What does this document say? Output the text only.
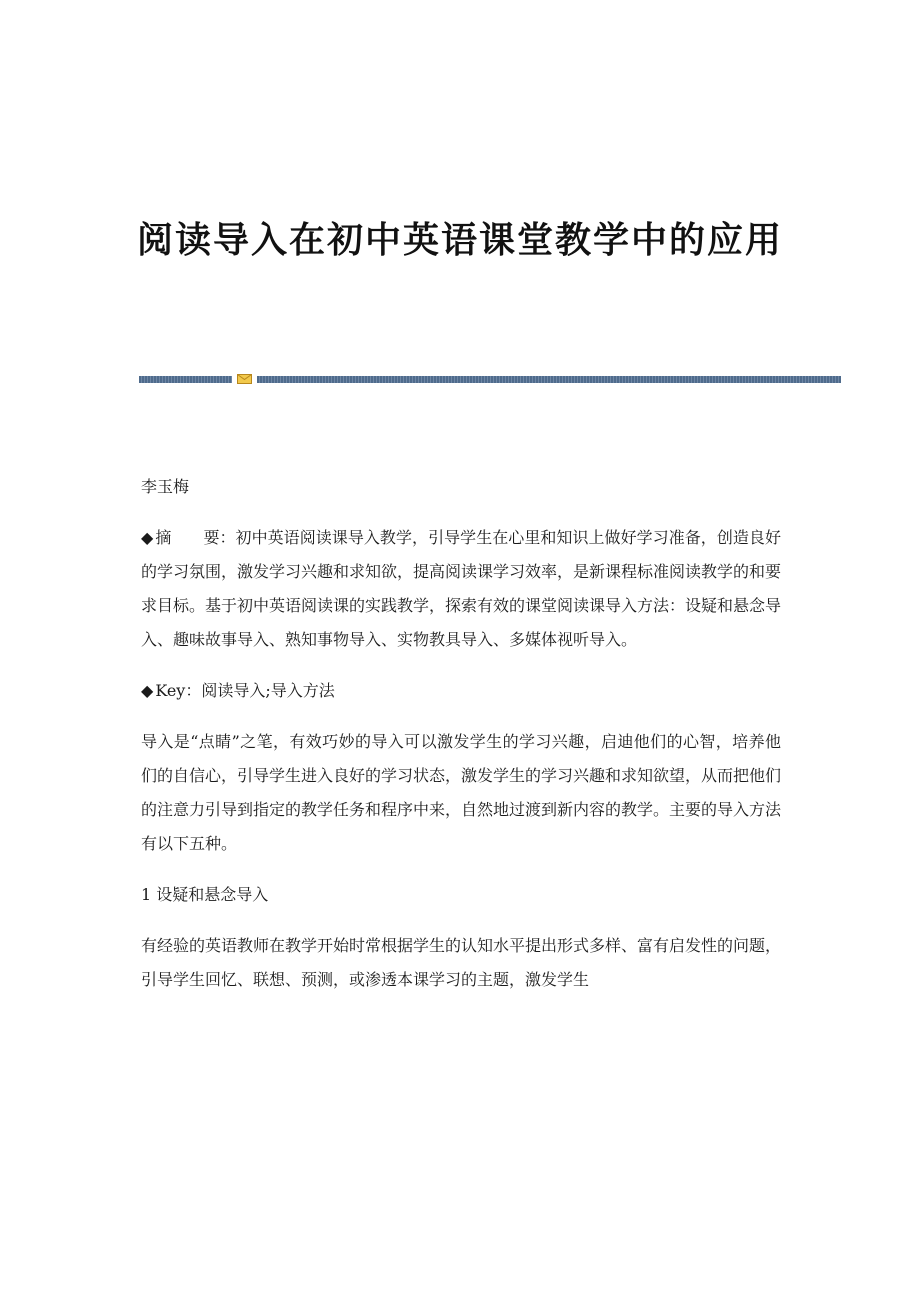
阅读导入在初中英语课堂教学中的应用

李玉梅

◆ 摘 要：初中英语阅读课导入教学，引导学生在心里和知识上做好学习准备，创造良好的学习氛围，激发学习兴趣和求知欲，提高阅读课学习效率，是新课程标准阅读教学的和要求目标。基于初中英语阅读课的实践教学，探索有效的课堂阅读课导入方法：设疑和悬念导入、趣味故事导入、熟知事物导入、实物教具导入、多媒体视听导入。

◆ Key：阅读导入;导入方法

导入是“点睛”之笔，有效巧妙的导入可以激发学生的学习兴趣，启迪他们的心智，培养他们的自信心，引导学生进入良好的学习状态，激发学生的学习兴趣和求知欲望，从而把他们的注意力引导到指定的教学任务和程序中来，自然地过渡到新内容的教学。主要的导入方法有以下五种。

1 设疑和悬念导入

有经验的英语教师在教学开始时常根据学生的认知水平提出形式多样、富有启发性的问题，引导学生回忆、联想、预测，或渗透本课学习的主题，激发学生
